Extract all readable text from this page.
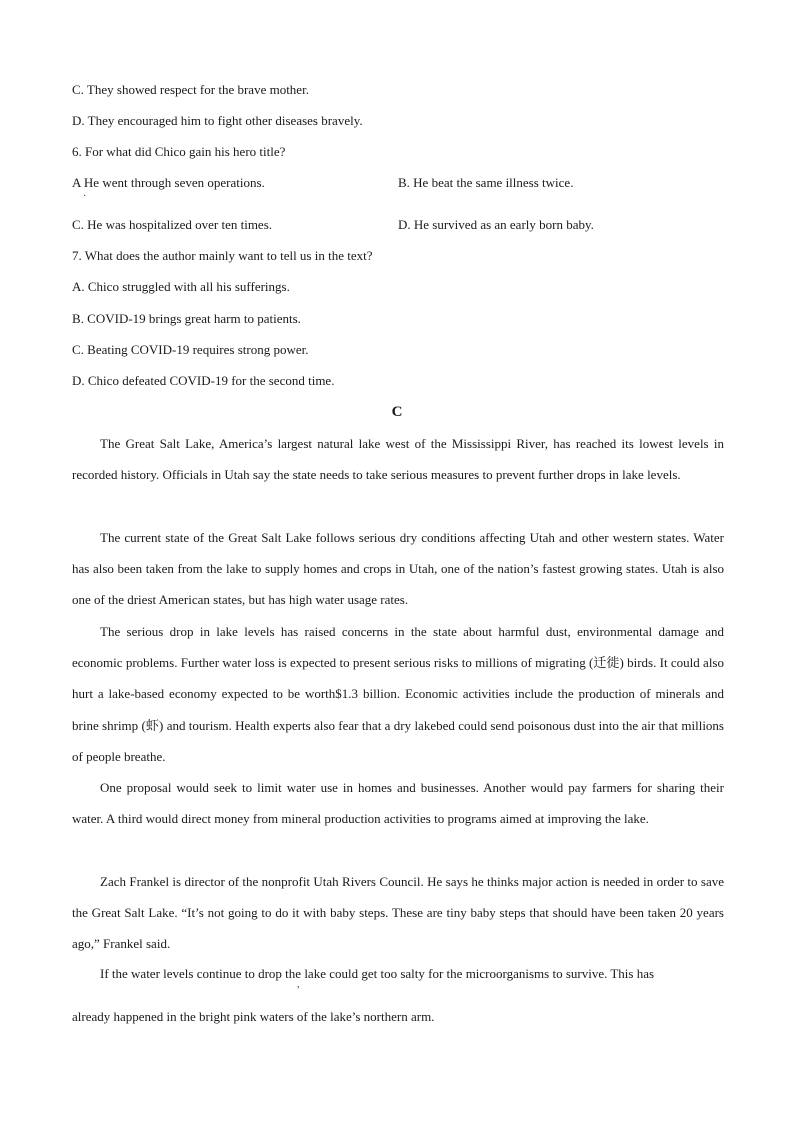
C. They showed respect for the brave mother.
D. They encouraged him to fight other diseases bravely.
6. For what did Chico gain his hero title?
A He went through seven operations.
·
B. He beat the same illness twice.
C. He was hospitalized over ten times.	D. He survived as an early born baby.
7. What does the author mainly want to tell us in the text?
A. Chico struggled with all his sufferings.
B. COVID-19 brings great harm to patients.
C. Beating COVID-19 requires strong power.
D. Chico defeated COVID-19 for the second time.
C
The Great Salt Lake, America’s largest natural lake west of the Mississippi River, has reached its lowest levels in recorded history. Officials in Utah say the state needs to take serious measures to prevent further drops in lake levels.
The current state of the Great Salt Lake follows serious dry conditions affecting Utah and other western states. Water has also been taken from the lake to supply homes and crops in Utah, one of the nation’s fastest growing states. Utah is also one of the driest American states, but has high water usage rates.
The serious drop in lake levels has raised concerns in the state about harmful dust, environmental damage and economic problems. Further water loss is expected to present serious risks to millions of migrating (迁徙) birds. It could also hurt a lake-based economy expected to be worth$1.3 billion. Economic activities include the production of minerals and brine shrimp (虾) and tourism. Health experts also fear that a dry lakebed could send poisonous dust into the air that millions of people breathe.
One proposal would seek to limit water use in homes and businesses. Another would pay farmers for sharing their water. A third would direct money from mineral production activities to programs aimed at improving the lake.
Zach Frankel is director of the nonprofit Utah Rivers Council. He says he thinks major action is needed in order to save the Great Salt Lake. “It’s not going to do it with baby steps. These are tiny baby steps that should have been taken 20 years ago,” Frankel said.
If the water levels continue to drop the lake could get too salty for the microorganisms to survive. This has
,
already happened in the bright pink waters of the lake’s northern arm.
